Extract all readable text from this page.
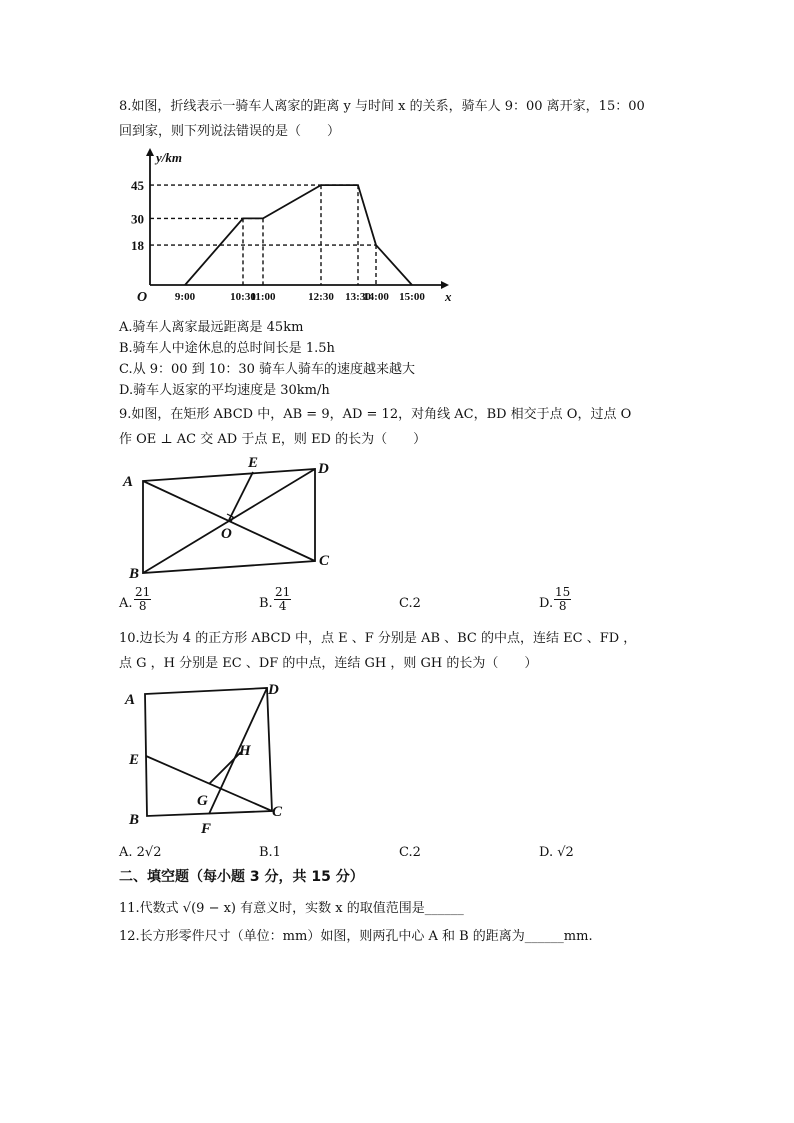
8.如图，折线表示一骑车人离家的距离 y 与时间 x 的关系，骑车人 9：00 离开家，15：00
回到家，则下列说法错误的是（　　）
45
30
18
9:00	10:30
11:00	12:30 13:30
14:00 15:00
y/km
x
O
A.骑车人离家最远距离是 45km
B.骑车人中途休息的总时间长是 1.5h
C.从 9：00 到 10：30 骑车人骑车的速度越来越大
D.骑车人返家的平均速度是 30km/h
9.如图，在矩形 ABCD 中，AB = 9，AD = 12，对角线 AC，BD 相交于点 O，过点 O
作 OE ⊥ AC 交 AD 于点 E，则 ED 的长为（　　）
A
B
C
D
E
O
A. $\frac{21}{8}$	B. $\frac{21}{4}$	C.2	D. $\frac{15}{8}$
10.边长为 4 的正方形 ABCD 中，点 E 、F 分别是 AB 、BC 的中点，连结 EC 、FD ，
点 G ，H 分别是 EC 、DF 的中点，连结 GH ，则 GH 的长为（　　）
A
B	C
D
E
F
G
H
A. 2√2	B.1	C.2	D. √2
二、填空题（每小题 3 分，共 15 分）
11.代数式 √(9 − x) 有意义时，实数 x 的取值范围是______
12.长方形零件尺寸（单位：mm）如图，则两孔中心 A 和 B 的距离为______mm.
